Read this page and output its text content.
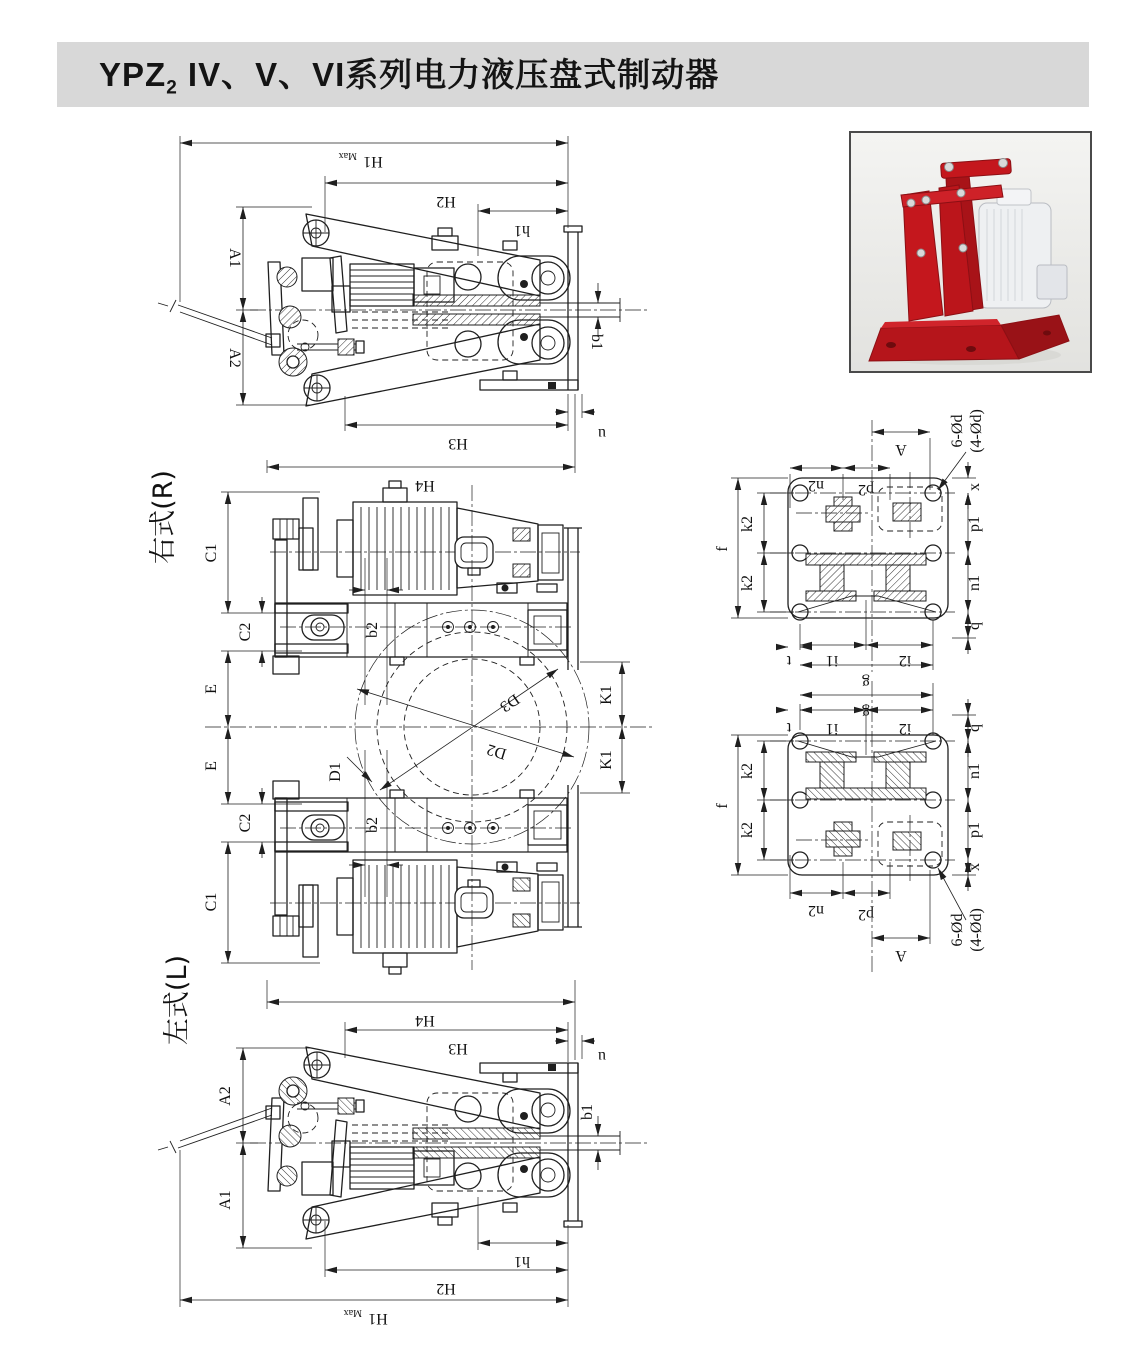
$YPZ_2$ IV、V、VI系列电力液压盘式制动器
H1
Max
H2
h1
A1
A2
b1
u
H3
H4
右式(R)
左式(L)
C1
C2
E
E
C2
C1
b2
b2
K1
K1
D3
D2
D1
H4
H3	u
A2
A1
b1
h1
H2
H1
Max
A
n2 p2	x
p1
n1
q
f
k2
k2
t i1	i2
g
6-Ød (4-Ød)
g
t i1	i2	q
n1
p1
x
k2
f
k2
n2 p2
A
6-Ød (4-Ød)
